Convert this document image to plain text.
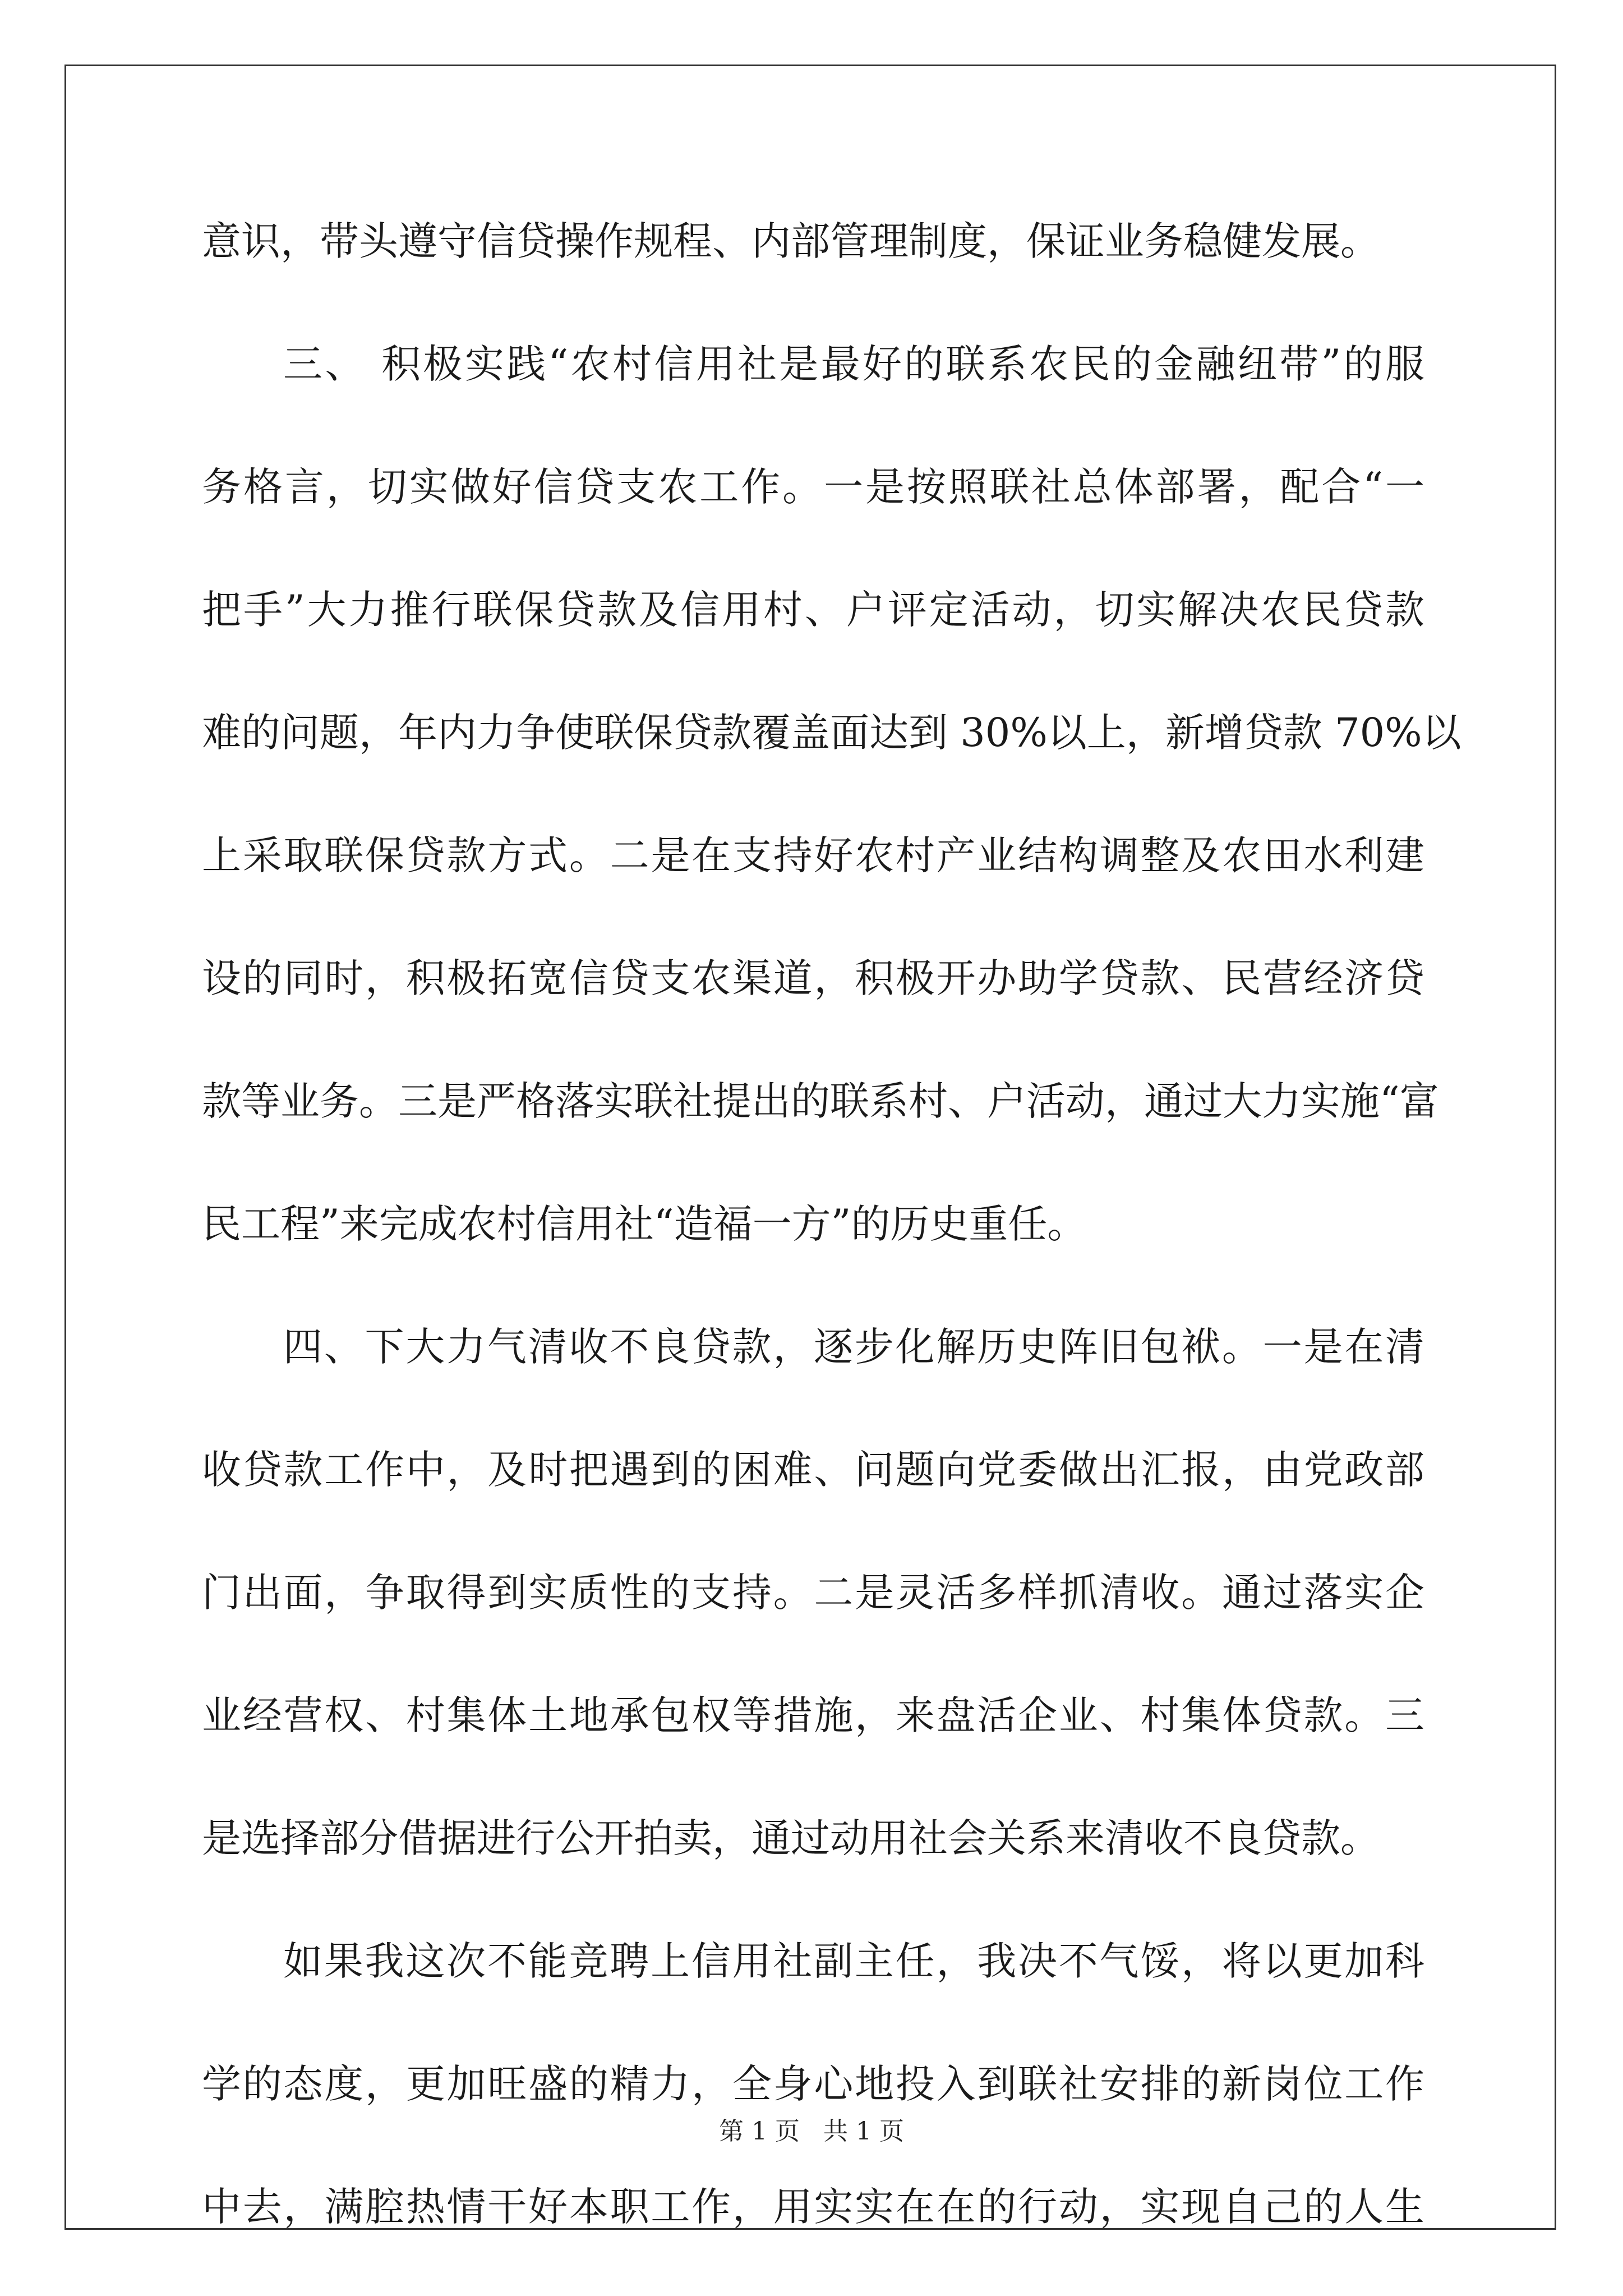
意识，带头遵守信贷操作规程、内部管理制度，保证业务稳健发展。
三、 积极实践“农村信用社是最好的联系农民的金融纽带”的服
务格言，切实做好信贷支农工作。一是按照联社总体部署，配合“一
把手”大力推行联保贷款及信用村、户评定活动，切实解决农民贷款
难的问题，年内力争使联保贷款覆盖面达到 30%以上，新增贷款 70%以
上采取联保贷款方式。二是在支持好农村产业结构调整及农田水利建
设的同时，积极拓宽信贷支农渠道，积极开办助学贷款、民营经济贷
款等业务。三是严格落实联社提出的联系村、户活动，通过大力实施“富
民工程”来完成农村信用社“造福一方”的历史重任。
四、下大力气清收不良贷款，逐步化解历史阵旧包袱。一是在清
收贷款工作中，及时把遇到的困难、问题向党委做出汇报，由党政部
门出面，争取得到实质性的支持。二是灵活多样抓清收。通过落实企
业经营权、村集体土地承包权等措施，来盘活企业、村集体贷款。三
是选择部分借据进行公开拍卖，通过动用社会关系来清收不良贷款。
如果我这次不能竞聘上信用社副主任，我决不气馁，将以更加科
学的态度，更加旺盛的精力，全身心地投入到联社安排的新岗位工作
中去，满腔热情干好本职工作，用实实在在的行动，实现自己的人生
第 1 页   共 1 页
